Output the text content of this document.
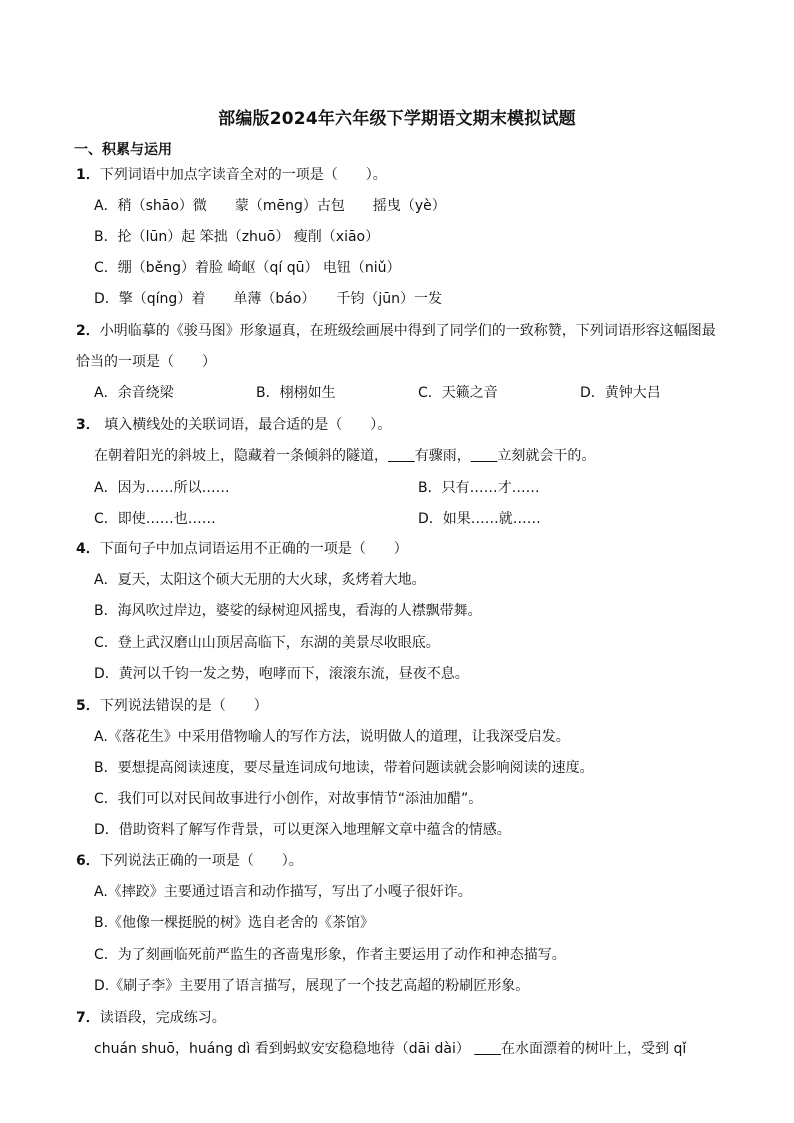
部编版2024年六年级下学期语文期末模拟试题
一、积累与运用
1．下列词语中加点字读音全对的一项是（　　）。
A．稍（shāo）微　　蒙（mēng）古包　　摇曳（yè）
B．抡（lūn）起 笨拙（zhuō） 瘦削（xiāo）
C．绷（běng）着脸 崎岖（qí qū） 电钮（niǔ）
D．擎（qíng）着　　单薄（báo）　　千钧（jūn）一发
2．小明临摹的《骏马图》形象逼真，在班级绘画展中得到了同学们的一致称赞，下列词语形容这幅图最
恰当的一项是（　　）
A．余音绕梁	B．栩栩如生	C．天籁之音	D．黄钟大吕
3． 填入横线处的关联词语，最合适的是（　　）。
在朝着阳光的斜坡上，隐藏着一条倾斜的隧道， 有骤雨， 立刻就会干的。
A．因为……所以……	B．只有……才……
C．即使……也……	D．如果……就……
4．下面句子中加点词语运用不正确的一项是（　　）
A．夏天，太阳这个硕大无朋的大火球，炙烤着大地。
B．海风吹过岸边，婆娑的绿树迎风摇曳，看海的人襟飘带舞。
C．登上武汉磨山山顶居高临下，东湖的美景尽收眼底。
D．黄河以千钧一发之势，咆哮而下，滚滚东流，昼夜不息。
5．下列说法错误的是（　　）
A.《落花生》中采用借物喻人的写作方法，说明做人的道理，让我深受启发。
B．要想提高阅读速度，要尽量连词成句地读，带着问题读就会影响阅读的速度。
C．我们可以对民间故事进行小创作，对故事情节“添油加醋”。
D．借助资料了解写作背景，可以更深入地理解文章中蕴含的情感。
6．下列说法正确的一项是（　　）。
A.《摔跤》主要通过语言和动作描写，写出了小嘎子很奸诈。
B.《他像一棵挺脱的树》选自老舍的《茶馆》
C．为了刻画临死前严监生的吝啬鬼形象，作者主要运用了动作和神态描写。
D.《刷子李》主要用了语言描写，展现了一个技艺高超的粉刷匠形象。
7．读语段，完成练习。
chuán shuō，huáng dì 看到蚂蚁安安稳稳地待（dāi dài） 在水面漂着的树叶上，受到 qǐ
